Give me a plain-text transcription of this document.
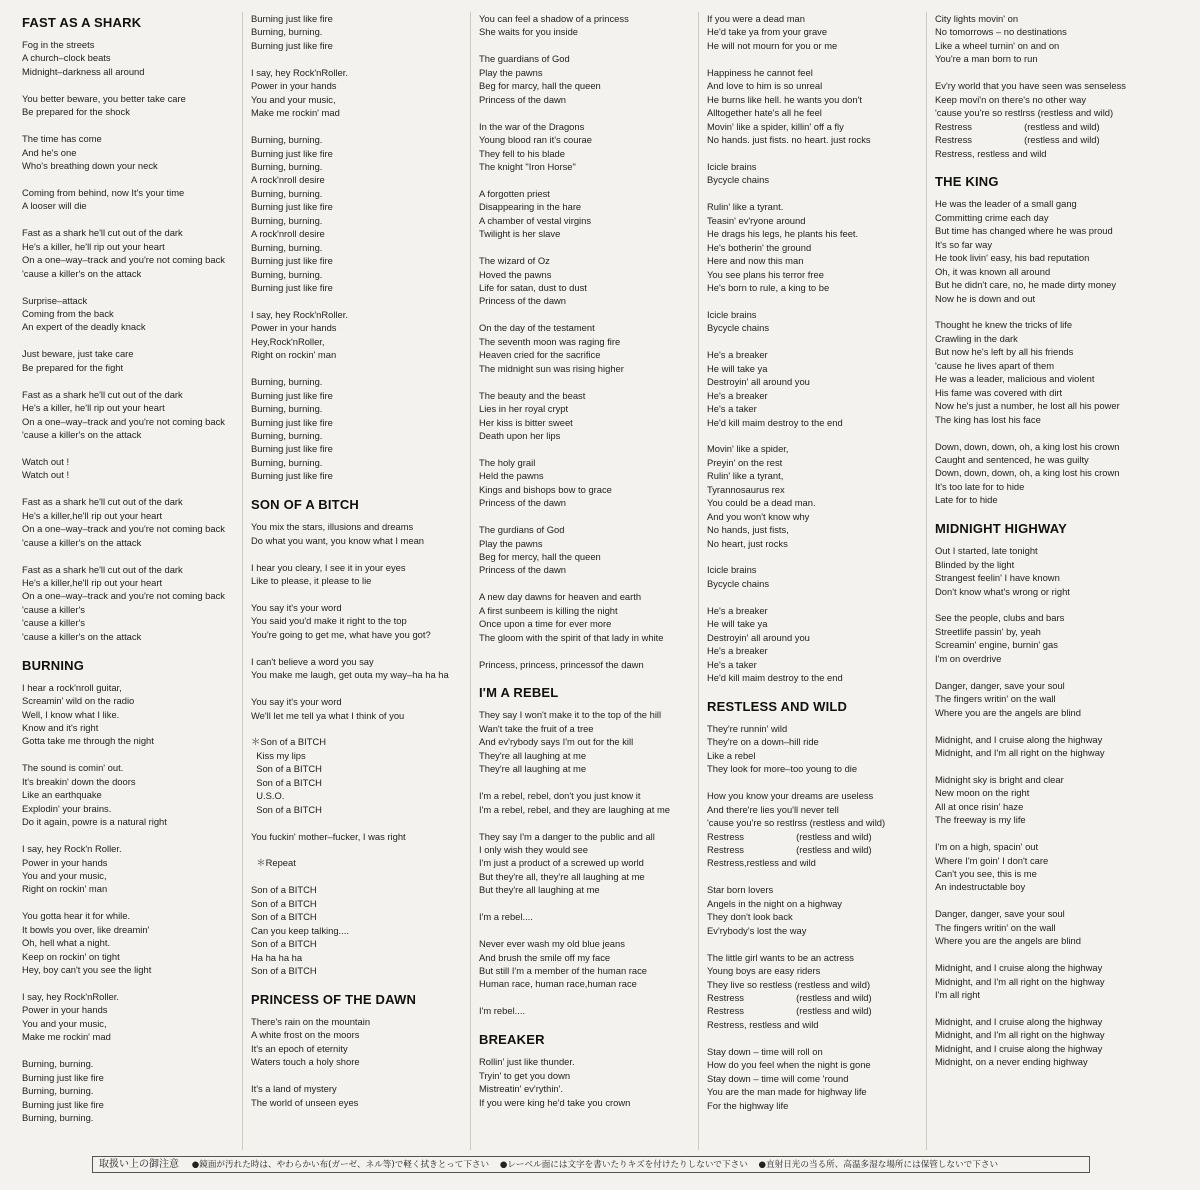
FAST AS A SHARK
Fog in the streets
A church–clock beats
Midnight–darkness all around
You better beware, you better take care
Be prepared for the shock
The time has come
And he's one
Who's breathing down your neck
Coming from behind, now It's your time
A looser will die
Fast as a shark he'll cut out of the dark
He's a killer, he'll rip out your heart
On a one–way–track and you're not coming back
'cause a killer's on the attack
Surprise–attack
Coming from the back
An expert of the deadly knack
Just beware, just take care
Be prepared for the fight
Fast as a shark he'll cut out of the dark
He's a killer, he'll rip out your heart
On a one–way–track and you're not coming back
'cause a killer's on the attack
Watch out !
Watch out !
Fast as a shark he'll cut out of the dark
He's a killer,he'll rip out your heart
On a one–way–track and you're not coming back
'cause a killer's on the attack
Fast as a shark he'll cut out of the dark
He's a killer,he'll rip out your heart
On a one–way–track and you're not coming back
'cause a killer's
'cause a killer's
'cause a killer's on the attack
BURNING
I hear a rock'nroll guitar,
Screamin' wild on the radio
Well, I know what I like.
Know and it's right
Gotta take me through the night
The sound is comin' out.
It's breakin' down the doors
Like an earthquake
Explodin' your brains.
Do it again, powre is a natural right
I say, hey Rock'n Roller.
Power in your hands
You and your music,
Right on rockin' man
You gotta hear it for while.
It bowls you over, like dreamin'
Oh, hell what a night.
Keep on rockin' on tight
Hey, boy can't you see the light
I say, hey Rock'nRoller.
Power in your hands
You and your music,
Make me rockin' mad
Burning, burning.
Burning just like fire
Burning, burning.
Burning just like fire
Burning, burning.
Burning just like fire
Burning, burning.
Burning just like fire
I say, hey Rock'nRoller.
Power in your hands
You and your music,
Make me rockin' mad
Burning, burning.
Burning just like fire
Burning, burning.
A rock'nroll desire
Burning, burning.
Burning just like fire
Burning, burning.
A rock'nroll desire
Burning, burning.
Burning just like fire
Burning, burning.
Burning just like fire
I say, hey Rock'nRoller.
Power in your hands
Hey,Rock'nRoller,
Right on rockin' man
Burning, burning.
Burning just like fire
Burning, burning.
Burning just like fire
Burning, burning.
Burning just like fire
Burning, burning.
Burning just like fire
SON OF A BITCH
You mix the stars, illusions and dreams
Do what you want, you know what I mean
I hear you cleary, I see it in your eyes
Like to please, it please to lie
You say it's your word
You said you'd make it right to the top
You're going to get me, what have you got?
I can't believe a word you say
You make me laugh, get outa my way–ha ha ha
You say it's your word
We'll let me tell ya what I think of you
＊Son of a BITCH
Kiss my lips
Son of a BITCH
Son of a BITCH
U.S.O.
Son of a BITCH
You fuckin' mother–fucker, I was right
＊Repeat
Son of a BITCH
Son of a BITCH
Son of a BITCH
Can you keep talking....
Son of a BITCH
Ha ha ha ha
Son of a BITCH
PRINCESS OF THE DAWN
There's rain on the mountain
A white frost on the moors
It's an epoch of eternity
Waters touch a holy shore
It's a land of mystery
The world of unseen eyes
You can feel a shadow of a princess
She waits for you inside
The guardians of God
Play the pawns
Beg for marcy, hall the queen
Princess of the dawn
In the war of the Dragons
Young blood ran it's courae
They fell to his blade
The knight "Iron Horse"
A forgotten priest
Disappearing in the hare
A chamber of vestal virgins
Twilight is her slave
The wizard of Oz
Hoved the pawns
Life for satan, dust to dust
Princess of the dawn
On the day of the testament
The seventh moon was raging fire
Heaven cried for the sacrifice
The midnight sun was rising higher
The beauty and the beast
Lies in her royal crypt
Her kiss is bitter sweet
Death upon her lips
The holy grail
Held the pawns
Kings and bishops bow to grace
Princess of the dawn
The gurdians of God
Play the pawns
Beg for mercy, hall the queen
Princess of the dawn
A new day dawns for heaven and earth
A first sunbeem is killing the night
Once upon a time for ever more
The gloom with the spirit of that lady in white
Princess, princess, princessof the dawn
I'M A REBEL
They say I won't make it to the top of the hill
Wan't take the fruit of a tree
And ev'rybody says I'm out for the kill
They're all laughing at me
They're all laughing at me
I'm a rebel, rebel, don't you just know it
I'm a rebel, rebel, and they are laughing at me
They say I'm a danger to the public and all
I only wish they would see
I'm just a product of a screwed up world
But they're all, they're all laughing at me
But they're all laughing at me
I'm a rebel....
Never ever wash my old blue jeans
And brush the smile off my face
But still I'm a member of the human race
Human race, human race,human race
I'm rebel....
BREAKER
Rollin' just like thunder.
Tryin' to get you down
Mistreatin' ev'rythin'.
If you were king he'd take you crown
If you were a dead man
He'd take ya from your grave
He will not mourn for you or me
Happiness he cannot feel
And love to him is so unreal
He burns like hell. he wants you don't
Alltogether hate's all he feel
Movin' like a spider, killin' off a fly
No hands. just fists. no heart. just rocks
Icicle brains
Bycycle chains
Rulin' like a tyrant.
Teasin' ev'ryone around
He drags his legs, he plants his feet.
He's botherin' the ground
Here and now this man
You see plans his terror free
He's born to rule, a king to be
Icicle brains
Bycycle chains
He's a breaker
He will take ya
Destroyin' all around you
He's a breaker
He's a taker
He'd kill maim destroy to the end
Movin' like a spider,
Preyin' on the rest
Rulin' like a tyrant,
Tyrannosaurus rex
You could be a dead man.
And you won't know why
No hands, just fists,
No heart, just rocks
Icicle brains
Bycycle chains
He's a breaker
He will take ya
Destroyin' all around you
He's a breaker
He's a taker
He'd kill maim destroy to the end
RESTLESS AND WILD
They're runnin' wild
They're on a down–hill ride
Like a rebel
They look for more–too young to die
How you know your dreams are useless
And there're lies you'll never tell
'cause you're so restlrss (restless and wild)
Restress                    (restless and wild)
Restress                    (restless and wild)
Restress,restless and wild
Star born lovers
Angels in the night on a highway
They don't look back
Ev'rybody's lost the way
The little girl wants to be an actress
Young boys are easy riders
They live so restless (restless and wild)
Restress                    (restless and wild)
Restress                    (restless and wild)
Restress, restless and wild
Stay down – time will roll on
How do you feel when the night is gone
Stay down – time will come 'round
You are the man made for highway life
For the highway life
City lights movin' on
No tomorrows – no destinations
Like a wheel turnin' on and on
You're a man born to run
Ev'ry world that you have seen was senseless
Keep movi'n on there's no other way
'cause you're so restlrss (restless and wild)
Restress                    (restless and wild)
Restress                    (restless and wild)
Restress, restless and wild
THE KING
He was the leader of a small gang
Committing crime each day
But time has changed where he was proud
It's so far way
He took livin' easy, his bad reputation
Oh, it was known all around
But he didn't care, no, he made dirty money
Now he is down and out
Thought he knew the tricks of life
Crawling in the dark
But now he's left by all his friends
'cause he lives apart of them
He was a leader, malicious and violent
His fame was covered with dirt
Now he's just a number, he lost all his power
The king has lost his face
Down, down, down, oh, a king lost his crown
Caught and sentenced, he was guilty
Down, down, down, oh, a king lost his crown
It's too late for to hide
Late for to hide
MIDNIGHT HIGHWAY
Out I started, late tonight
Blinded by the light
Strangest feelin' I have known
Don't know what's wrong or right
See the people, clubs and bars
Streetlife passin' by, yeah
Screamin' engine, burnin' gas
I'm on overdrive
Danger, danger, save your soul
The fingers writin' on the wall
Where you are the angels are blind
Midnight, and I cruise along the highway
Midnight, and I'm all right on the highway
Midnight sky is bright and clear
New moon on the right
All at once risin' haze
The freeway is my life
I'm on a high, spacin' out
Where I'm goin' I don't care
Can't you see, this is me
An indestructable boy
Danger, danger, save your soul
The fingers writin' on the wall
Where you are the angels are blind
Midnight, and I cruise along the highway
Midnight, and I'm all right on the highway
I'm all right
Midnight, and I cruise along the highway
Midnight, and I'm all right on the highway
Midnight, and I cruise along the highway
Midnight, on a never ending highway
取扱い上の御注意 ●鏡面が汚れた時は、やわらかい布(ガーゼ、ネル等)で軽く拭きとって下さい ●レーベル面には文字を書いたりキズを付けたりしないで下さい ●直射日光の当る所、高温多湿な場所には保管しないで下さい
